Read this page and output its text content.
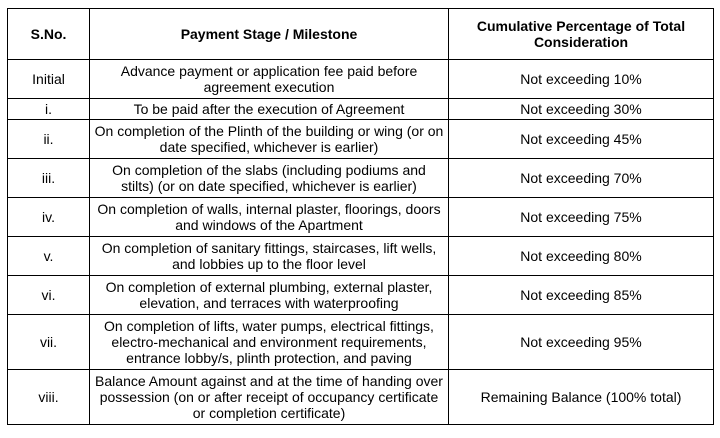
S.No.	Payment Stage / Milestone	Cumulative Percentage of Total Consideration
Initial	Advance payment or application fee paid before agreement execution	Not exceeding 10%
i.	To be paid after the execution of Agreement	Not exceeding 30%
ii.	On completion of the Plinth of the building or wing (or on date specified, whichever is earlier)	Not exceeding 45%
iii.	On completion of the slabs (including podiums and stilts) (or on date specified, whichever is earlier)	Not exceeding 70%
iv.	On completion of walls, internal plaster, floorings, doors and windows of the Apartment	Not exceeding 75%
v.	On completion of sanitary fittings, staircases, lift wells, and lobbies up to the floor level	Not exceeding 80%
vi.	On completion of external plumbing, external plaster, elevation, and terraces with waterproofing	Not exceeding 85%
vii.	On completion of lifts, water pumps, electrical fittings, electro-mechanical and environment requirements, entrance lobby/s, plinth protection, and paving	Not exceeding 95%
viii.	Balance Amount against and at the time of handing over possession (on or after receipt of occupancy certificate or completion certificate)	Remaining Balance (100% total)
